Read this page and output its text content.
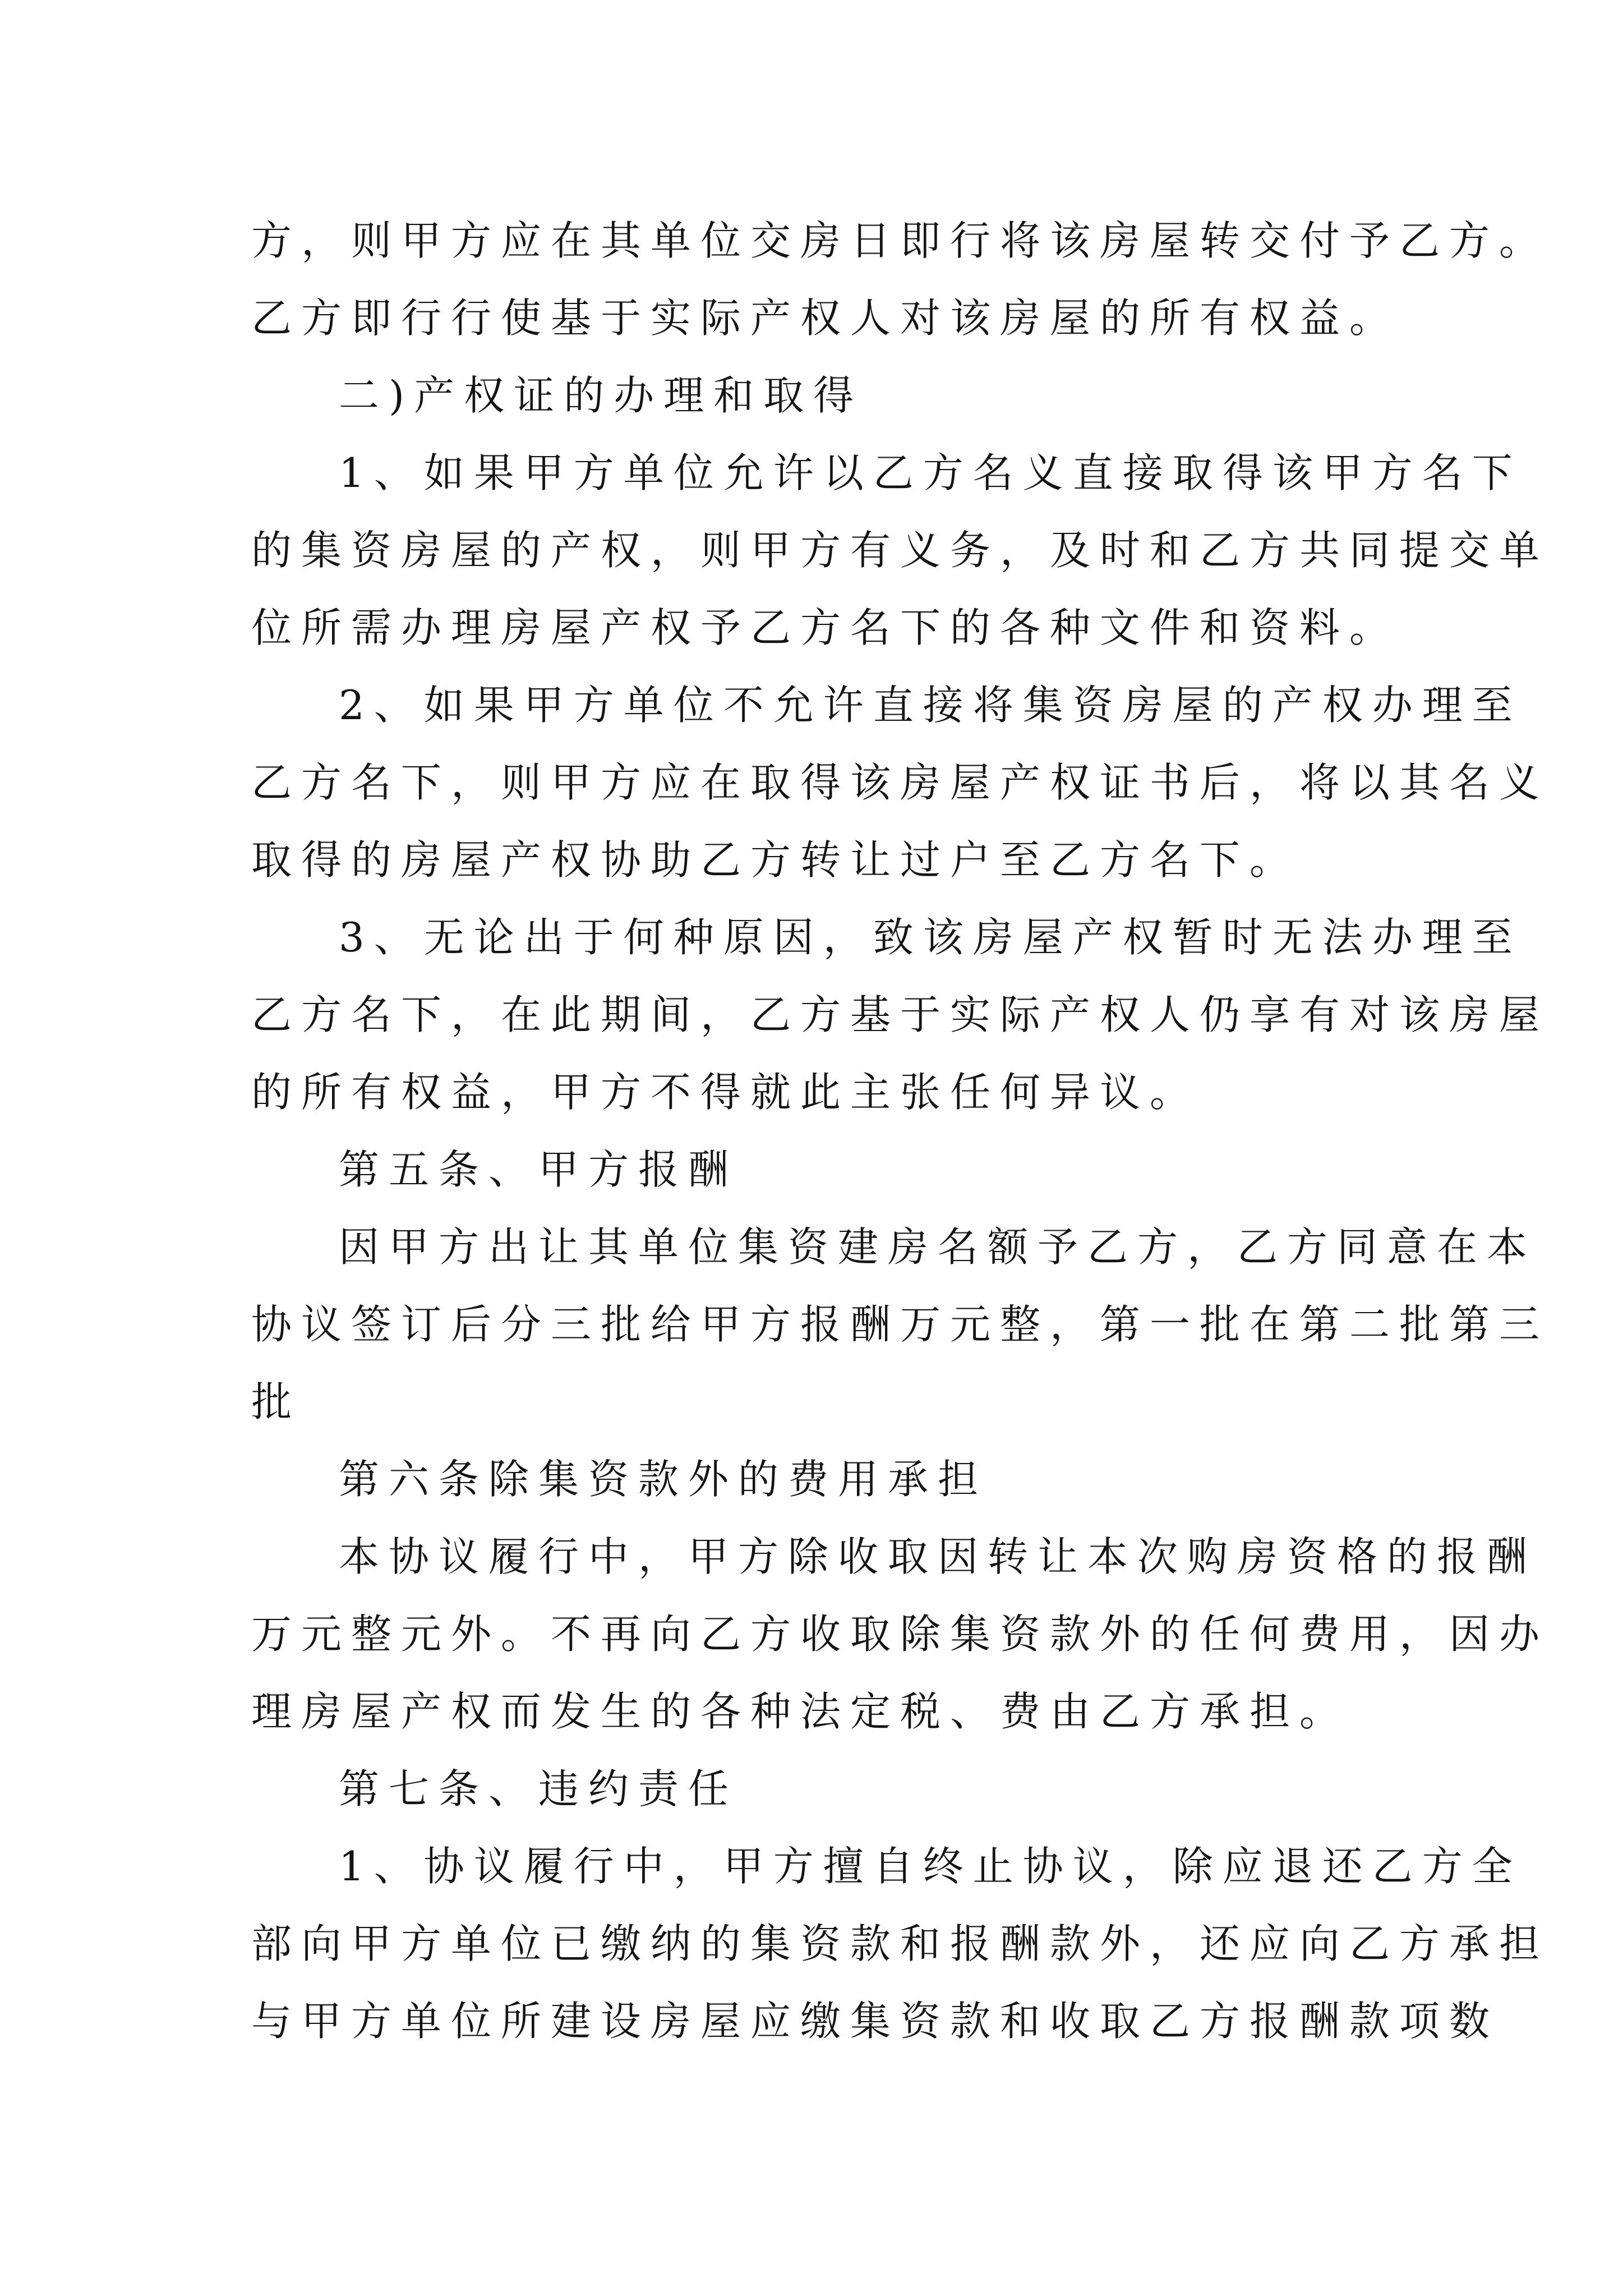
方，则甲方应在其单位交房日即行将该房屋转交付予乙方。
乙方即行行使基于实际产权人对该房屋的所有权益。
二)产权证的办理和取得
1、如果甲方单位允许以乙方名义直接取得该甲方名下
的集资房屋的产权，则甲方有义务，及时和乙方共同提交单
位所需办理房屋产权予乙方名下的各种文件和资料。
2、如果甲方单位不允许直接将集资房屋的产权办理至
乙方名下，则甲方应在取得该房屋产权证书后，将以其名义
取得的房屋产权协助乙方转让过户至乙方名下。
3、无论出于何种原因，致该房屋产权暂时无法办理至
乙方名下，在此期间，乙方基于实际产权人仍享有对该房屋
的所有权益，甲方不得就此主张任何异议。
第五条、甲方报酬
因甲方出让其单位集资建房名额予乙方，乙方同意在本
协议签订后分三批给甲方报酬万元整，第一批在第二批第三
批
第六条除集资款外的费用承担
本协议履行中，甲方除收取因转让本次购房资格的报酬
万元整元外。不再向乙方收取除集资款外的任何费用，因办
理房屋产权而发生的各种法定税、费由乙方承担。
第七条、违约责任
1、协议履行中，甲方擅自终止协议，除应退还乙方全
部向甲方单位已缴纳的集资款和报酬款外，还应向乙方承担
与甲方单位所建设房屋应缴集资款和收取乙方报酬款项数
